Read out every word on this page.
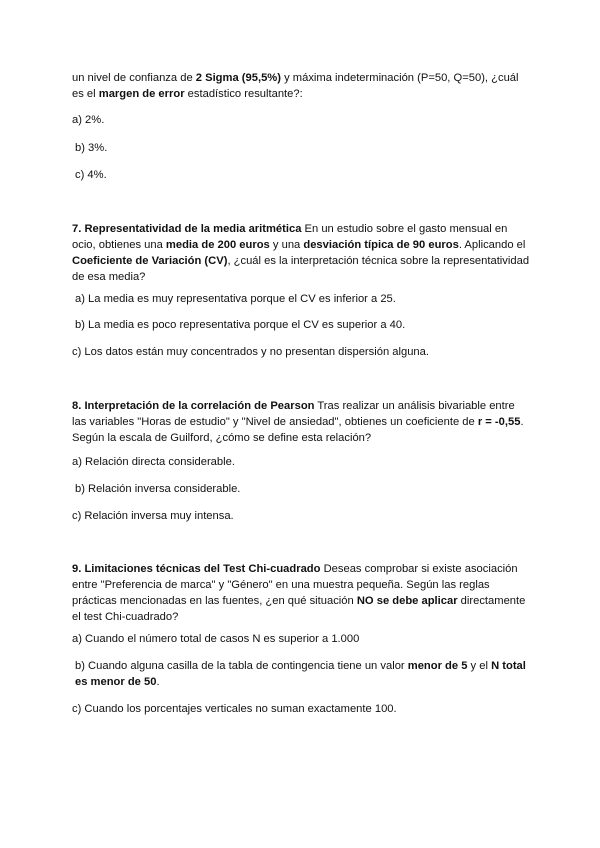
un nivel de confianza de 2 Sigma (95,5%) y máxima indeterminación (P=50, Q=50), ¿cuál es el margen de error estadístico resultante?:

a) 2%.

b) 3%.

c) 4%.

7. Representatividad de la media aritmética En un estudio sobre el gasto mensual en ocio, obtienes una media de 200 euros y una desviación típica de 90 euros. Aplicando el Coeficiente de Variación (CV), ¿cuál es la interpretación técnica sobre la representatividad de esa media?

a) La media es muy representativa porque el CV es inferior a 25.

b) La media es poco representativa porque el CV es superior a 40.

c) Los datos están muy concentrados y no presentan dispersión alguna.

8. Interpretación de la correlación de Pearson Tras realizar un análisis bivariable entre las variables "Horas de estudio" y "Nivel de ansiedad", obtienes un coeficiente de r = -0,55. Según la escala de Guilford, ¿cómo se define esta relación?

a) Relación directa considerable.

b) Relación inversa considerable.

c) Relación inversa muy intensa.

9. Limitaciones técnicas del Test Chi-cuadrado Deseas comprobar si existe asociación entre "Preferencia de marca" y "Género" en una muestra pequeña. Según las reglas prácticas mencionadas en las fuentes, ¿en qué situación NO se debe aplicar directamente el test Chi-cuadrado?

a) Cuando el número total de casos N es superior a 1.000

b) Cuando alguna casilla de la tabla de contingencia tiene un valor menor de 5 y el N total es menor de 50.

c) Cuando los porcentajes verticales no suman exactamente 100.
